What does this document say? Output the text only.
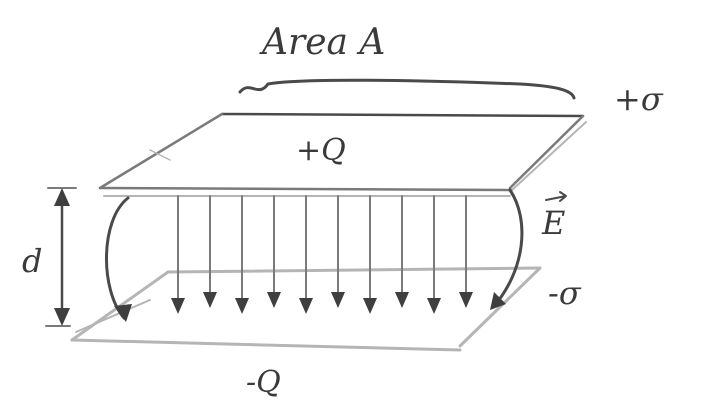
Area A
+Q
-Q
+σ
-σ
E
d
